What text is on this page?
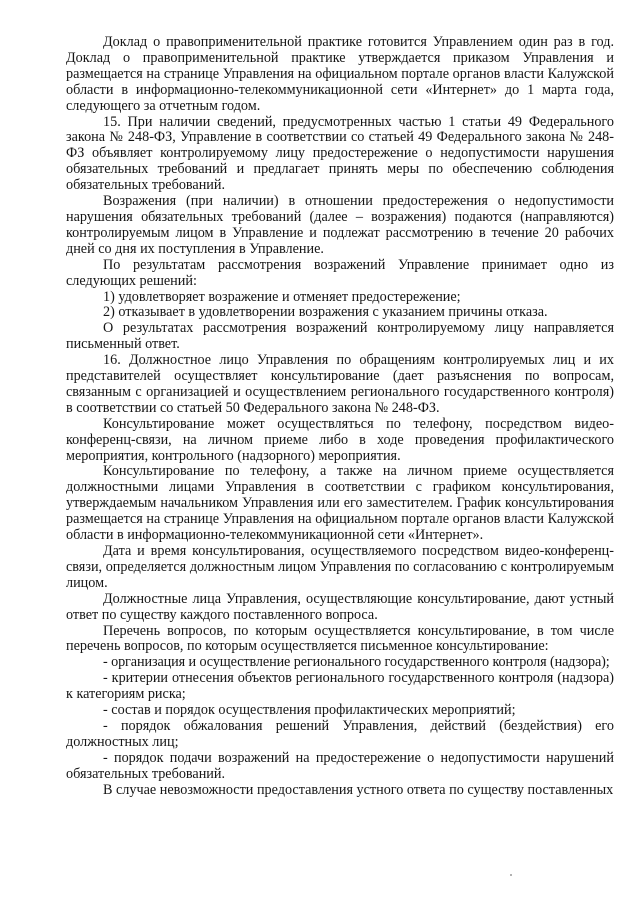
Доклад о правоприменительной практике готовится Управлением один раз в год. Доклад о правоприменительной практике утверждается приказом Управления и размещается на странице Управления на официальном портале органов власти Калужской области в информационно-телекоммуникационной сети «Интернет» до 1 марта года, следующего за отчетным годом.

15. При наличии сведений, предусмотренных частью 1 статьи 49 Федерального закона № 248-ФЗ, Управление в соответствии со статьей 49 Федерального закона № 248-ФЗ объявляет контролируемому лицу предостережение о недопустимости нарушения обязательных требований и предлагает принять меры по обеспечению соблюдения обязательных требований.

Возражения (при наличии) в отношении предостережения о недопустимости нарушения обязательных требований (далее – возражения) подаются (направляются) контролируемым лицом в Управление и подлежат рассмотрению в течение 20 рабочих дней со дня их поступления в Управление.

По результатам рассмотрения возражений Управление принимает одно из следующих решений:

1) удовлетворяет возражение и отменяет предостережение;

2) отказывает в удовлетворении возражения с указанием причины отказа.

О результатах рассмотрения возражений контролируемому лицу направляется письменный ответ.

16. Должностное лицо Управления по обращениям контролируемых лиц и их представителей осуществляет консультирование (дает разъяснения по вопросам, связанным с организацией и осуществлением регионального государственного контроля) в соответствии со статьей 50 Федерального закона № 248-ФЗ.

Консультирование может осуществляться по телефону, посредством видео-конференц-связи, на личном приеме либо в ходе проведения профилактического мероприятия, контрольного (надзорного) мероприятия.

Консультирование по телефону, а также на личном приеме осуществляется должностными лицами Управления в соответствии с графиком консультирования, утверждаемым начальником Управления или его заместителем. График консультирования размещается на странице Управления на официальном портале органов власти Калужской области в информационно-телекоммуникационной сети «Интернет».

Дата и время консультирования, осуществляемого посредством видео-конференц-связи, определяется должностным лицом Управления по согласованию с контролируемым лицом.

Должностные лица Управления, осуществляющие консультирование, дают устный ответ по существу каждого поставленного вопроса.

Перечень вопросов, по которым осуществляется консультирование, в том числе перечень вопросов, по которым осуществляется письменное консультирование:

- организация и осуществление регионального государственного контроля (надзора);

- критерии отнесения объектов регионального государственного контроля (надзора) к категориям риска;

- состав и порядок осуществления профилактических мероприятий;

- порядок обжалования решений Управления, действий (бездействия) его должностных лиц;

- порядок подачи возражений на предостережение о недопустимости нарушений обязательных требований.

В случае невозможности предоставления устного ответа по существу поставленных
